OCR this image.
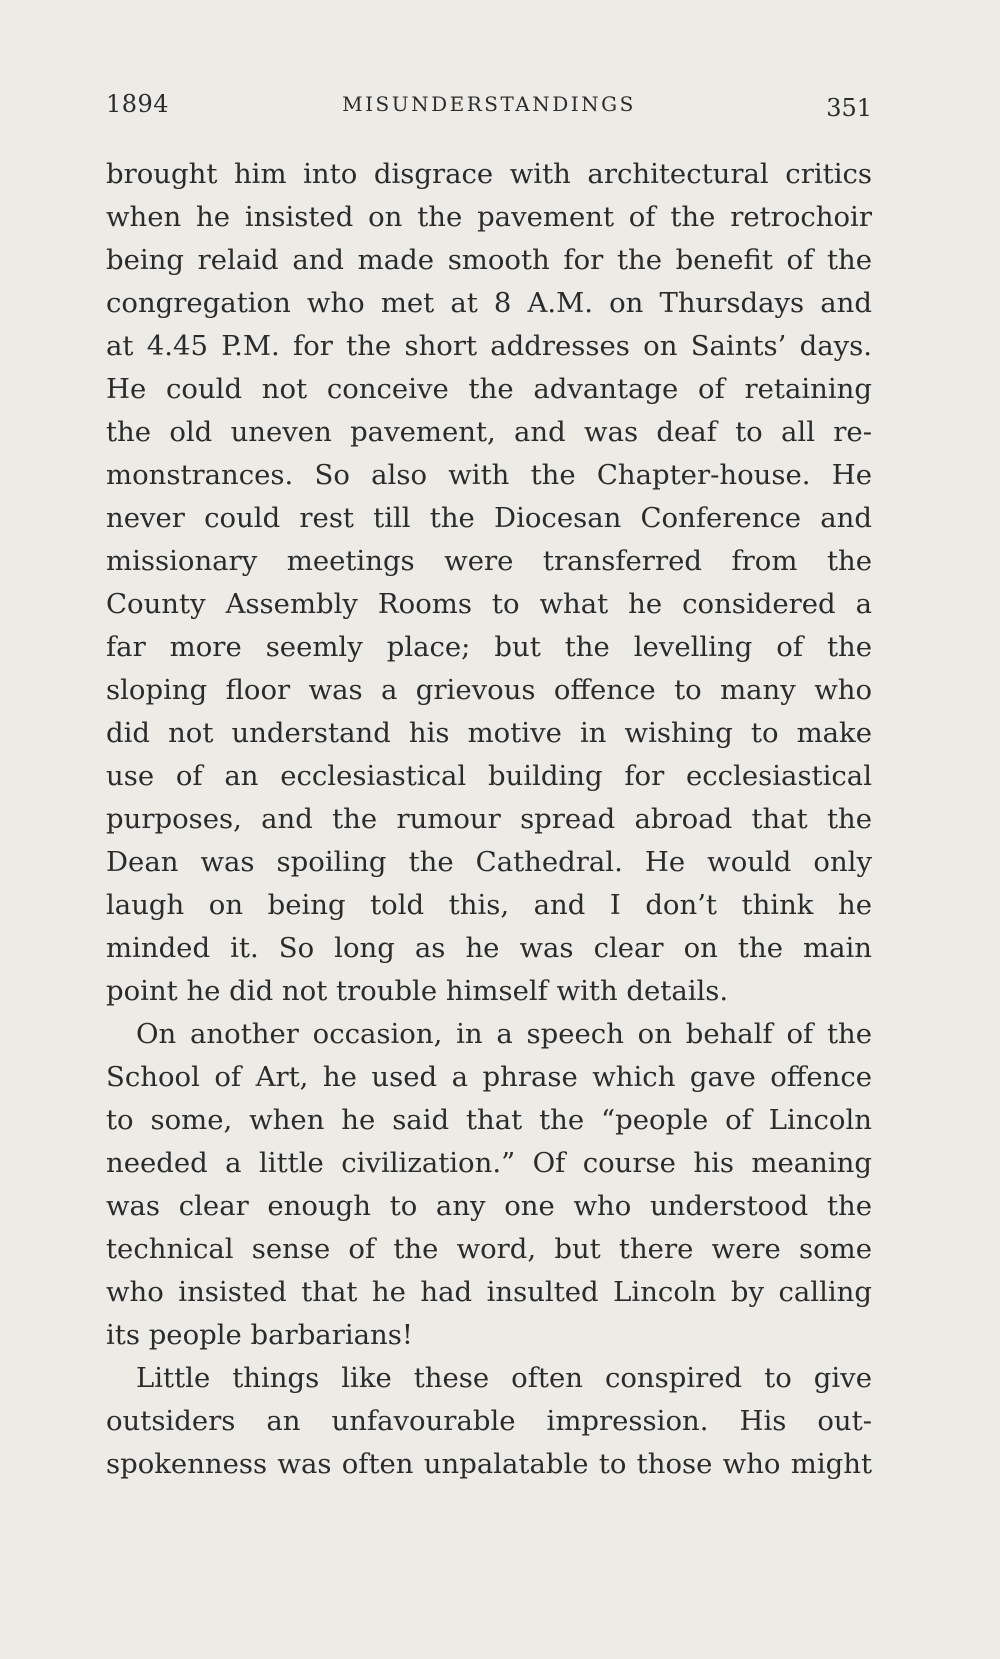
1894	MISUNDERSTANDINGS	351
brought him into disgrace with architectural critics
when he insisted on the pavement of the retrochoir
being relaid and made smooth for the benefit of the
congregation who met at 8 A.M. on Thursdays and
at 4.45 P.M. for the short addresses on Saints’ days.
He could not conceive the advantage of retaining
the old uneven pavement, and was deaf to all re-
monstrances. So also with the Chapter-house. He
never could rest till the Diocesan Conference and
missionary meetings were transferred from the
County Assembly Rooms to what he considered a
far more seemly place; but the levelling of the
sloping floor was a grievous offence to many who
did not understand his motive in wishing to make
use of an ecclesiastical building for ecclesiastical
purposes, and the rumour spread abroad that the
Dean was spoiling the Cathedral. He would only
laugh on being told this, and I don’t think he
minded it. So long as he was clear on the main
point he did not trouble himself with details.
On another occasion, in a speech on behalf of the
School of Art, he used a phrase which gave offence
to some, when he said that the “people of Lincoln
needed a little civilization.” Of course his meaning
was clear enough to any one who understood the
technical sense of the word, but there were some
who insisted that he had insulted Lincoln by calling
its people barbarians!
Little things like these often conspired to give
outsiders an unfavourable impression. His out-
spokenness was often unpalatable to those who might
